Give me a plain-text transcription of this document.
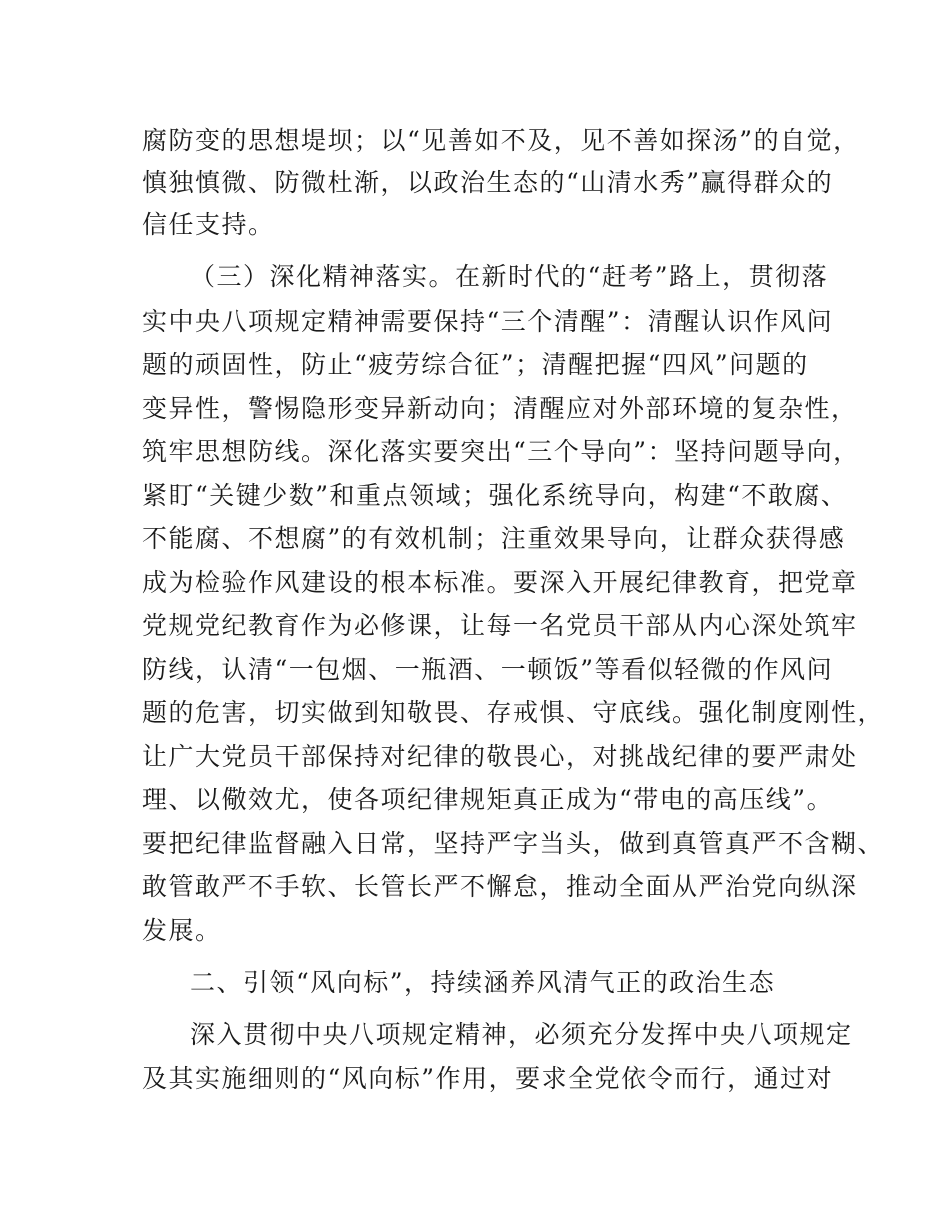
腐防变的思想堤坝；以“见善如不及，见不善如探汤”的自觉，
慎独慎微、防微杜渐，以政治生态的“山清水秀”赢得群众的
信任支持。
（三）深化精神落实。在新时代的“赶考”路上，贯彻落
实中央八项规定精神需要保持“三个清醒”：清醒认识作风问
题的顽固性，防止“疲劳综合征”；清醒把握“四风”问题的
变异性，警惕隐形变异新动向；清醒应对外部环境的复杂性，
筑牢思想防线。深化落实要突出“三个导向”：坚持问题导向，
紧盯“关键少数”和重点领域；强化系统导向，构建“不敢腐、
不能腐、不想腐”的有效机制；注重效果导向，让群众获得感
成为检验作风建设的根本标准。要深入开展纪律教育，把党章
党规党纪教育作为必修课，让每一名党员干部从内心深处筑牢
防线，认清“一包烟、一瓶酒、一顿饭”等看似轻微的作风问
题的危害，切实做到知敬畏、存戒惧、守底线。强化制度刚性，
让广大党员干部保持对纪律的敬畏心，对挑战纪律的要严肃处
理、以儆效尤，使各项纪律规矩真正成为“带电的高压线”。
要把纪律监督融入日常，坚持严字当头，做到真管真严不含糊、
敢管敢严不手软、长管长严不懈怠，推动全面从严治党向纵深
发展。
二、引领“风向标”，持续涵养风清气正的政治生态
深入贯彻中央八项规定精神，必须充分发挥中央八项规定
及其实施细则的“风向标”作用，要求全党依令而行，通过对
